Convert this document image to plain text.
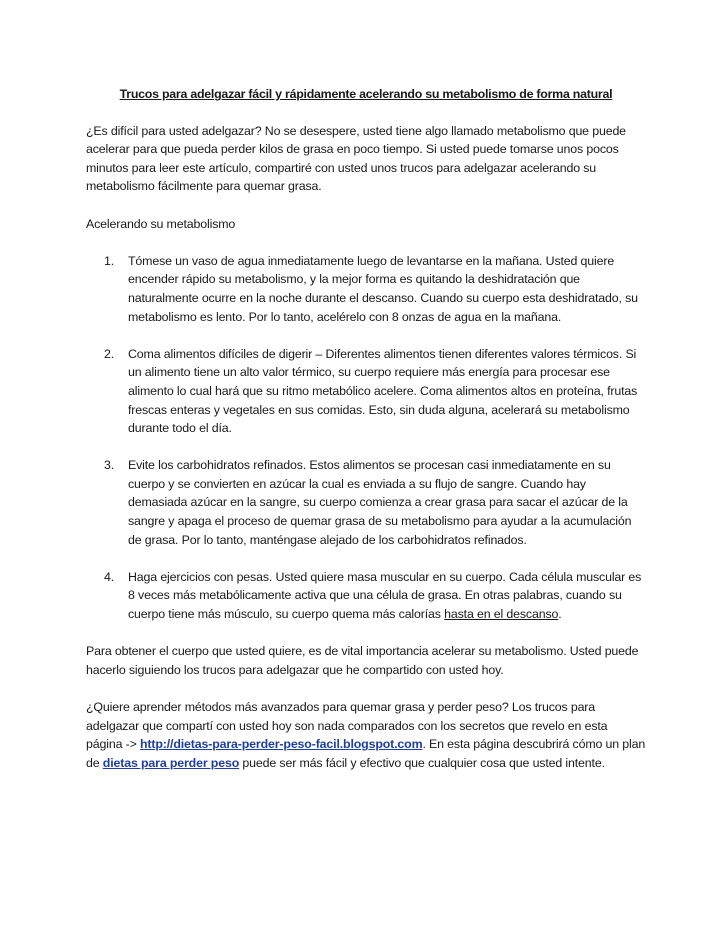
Trucos para adelgazar fácil y rápidamente acelerando su metabolismo de forma natural

¿Es difícil para usted adelgazar? No se desespere, usted tiene algo llamado metabolismo que puede acelerar para que pueda perder kilos de grasa en poco tiempo. Si usted puede tomarse unos pocos minutos para leer este artículo, compartiré con usted unos trucos para adelgazar acelerando su metabolismo fácilmente para quemar grasa.

Acelerando su metabolismo
1. Tómese un vaso de agua inmediatamente luego de levantarse en la mañana. Usted quiere encender rápido su metabolismo, y la mejor forma es quitando la deshidratación que naturalmente ocurre en la noche durante el descanso. Cuando su cuerpo esta deshidratado, su metabolismo es lento. Por lo tanto, acelérelo con 8 onzas de agua en la mañana.
2. Coma alimentos difíciles de digerir – Diferentes alimentos tienen diferentes valores térmicos. Si un alimento tiene un alto valor térmico, su cuerpo requiere más energía para procesar ese alimento lo cual hará que su ritmo metabólico acelere. Coma alimentos altos en proteína, frutas frescas enteras y vegetales en sus comidas. Esto, sin duda alguna, acelerará su metabolismo durante todo el día.
3. Evite los carbohidratos refinados. Estos alimentos se procesan casi inmediatamente en su cuerpo y se convierten en azúcar la cual es enviada a su flujo de sangre. Cuando hay demasiada azúcar en la sangre, su cuerpo comienza a crear grasa para sacar el azúcar de la sangre y apaga el proceso de quemar grasa de su metabolismo para ayudar a la acumulación de grasa. Por lo tanto, manténgase alejado de los carbohidratos refinados.
4. Haga ejercicios con pesas. Usted quiere masa muscular en su cuerpo. Cada célula muscular es 8 veces más metabólicamente activa que una célula de grasa. En otras palabras, cuando su cuerpo tiene más músculo, su cuerpo quema más calorías hasta en el descanso.

Para obtener el cuerpo que usted quiere, es de vital importancia acelerar su metabolismo. Usted puede hacerlo siguiendo los trucos para adelgazar que he compartido con usted hoy.

¿Quiere aprender métodos más avanzados para quemar grasa y perder peso? Los trucos para adelgazar que compartí con usted hoy son nada comparados con los secretos que revelo en esta página -> http://dietas-para-perder-peso-facil.blogspot.com. En esta página descubrirá cómo un plan de dietas para perder peso puede ser más fácil y efectivo que cualquier cosa que usted intente.
